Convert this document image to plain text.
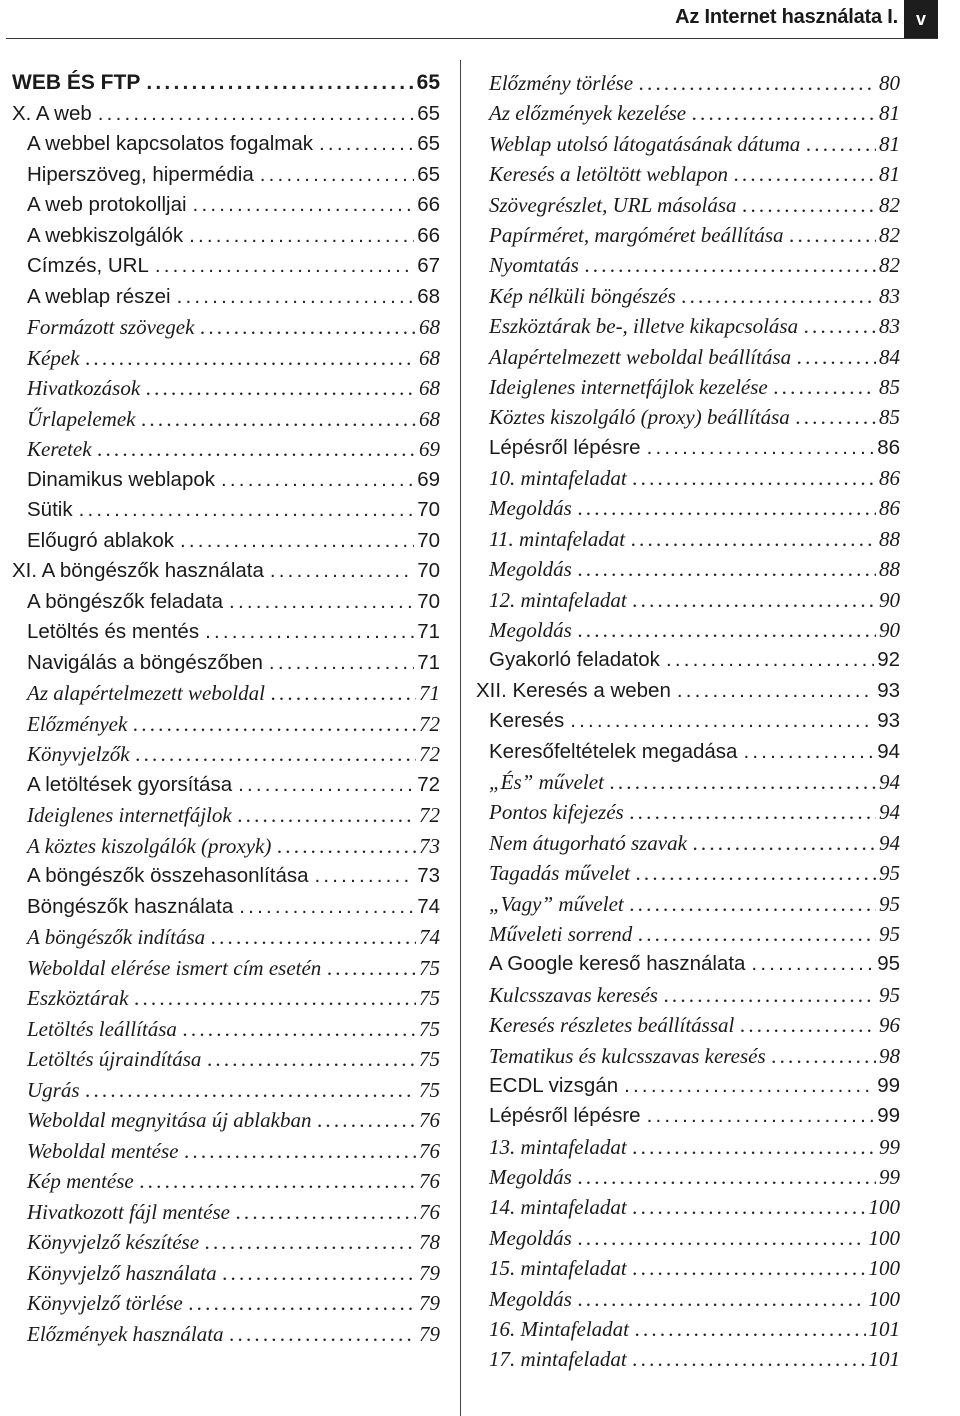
Az Internet használata I. v
WEB ÉS FTP .....	65
X. A web .....	65
A webbel kapcsolatos fogalmak .....	65
Hiperszöveg, hipermédia .....	65
A web protokolljai .....	66
A webkiszolgálók .....	66
Címzés, URL .....	67
A weblap részei .....	68
Formázott szövegek .....	68
Képek .....	68
Hivatkozások .....	68
Űrlapelemek .....	68
Keretek .....	69
Dinamikus weblapok .....	69
Sütik .....	70
Előugró ablakok .....	70
XI. A böngészők használata .....	70
A böngészők feladata .....	70
Letöltés és mentés .....	71
Navigálás a böngészőben .....	71
Az alapértelmezett weboldal .....	71
Előzmények .....	72
Könyvjelzők .....	72
A letöltések gyorsítása .....	72
Ideiglenes internetfájlok .....	72
A köztes kiszolgálók (proxyk) .....	73
A böngészők összehasonlítása .....	73
Böngészők használata .....	74
A böngészők indítása .....	74
Weboldal elérése ismert cím esetén .....	75
Eszköztárak .....	75
Letöltés leállítása .....	75
Letöltés újraindítása .....	75
Ugrás .....	75
Weboldal megnyitása új ablakban .....	76
Weboldal mentése .....	76
Kép mentése .....	76
Hivatkozott fájl mentése .....	76
Könyvjelző készítése .....	78
Könyvjelző használata .....	79
Könyvjelző törlése .....	79
Előzmények használata .....	79
Előzmény törlése .....	80
Az előzmények kezelése .....	81
Weblap utolsó látogatásának dátuma .....	81
Keresés a letöltött weblapon .....	81
Szövegrészlet, URL másolása .....	82
Papírméret, margóméret beállítása .....	82
Nyomtatás .....	82
Kép nélküli böngészés .....	83
Eszköztárak be-, illetve kikapcsolása .....	83
Alapértelmezett weboldal beállítása .....	84
Ideiglenes internetfájlok kezelése .....	85
Köztes kiszolgáló (proxy) beállítása .....	85
Lépésről lépésre .....	86
10. mintafeladat .....	86
Megoldás .....	86
11. mintafeladat .....	88
Megoldás .....	88
12. mintafeladat .....	90
Megoldás .....	90
Gyakorló feladatok .....	92
XII. Keresés a weben .....	93
Keresés .....	93
Keresőfeltételek megadása .....	94
„És” művelet .....	94
Pontos kifejezés .....	94
Nem átugorható szavak .....	94
Tagadás művelet .....	95
„Vagy” művelet .....	95
Műveleti sorrend .....	95
A Google kereső használata .....	95
Kulcsszavas keresés .....	95
Keresés részletes beállítással .....	96
Tematikus és kulcsszavas keresés .....	98
ECDL vizsgán .....	99
Lépésről lépésre .....	99
13. mintafeladat .....	99
Megoldás .....	99
14. mintafeladat .....	100
Megoldás .....	100
15. mintafeladat .....	100
Megoldás .....	100
16. Mintafeladat .....	101
17. mintafeladat .....	101
